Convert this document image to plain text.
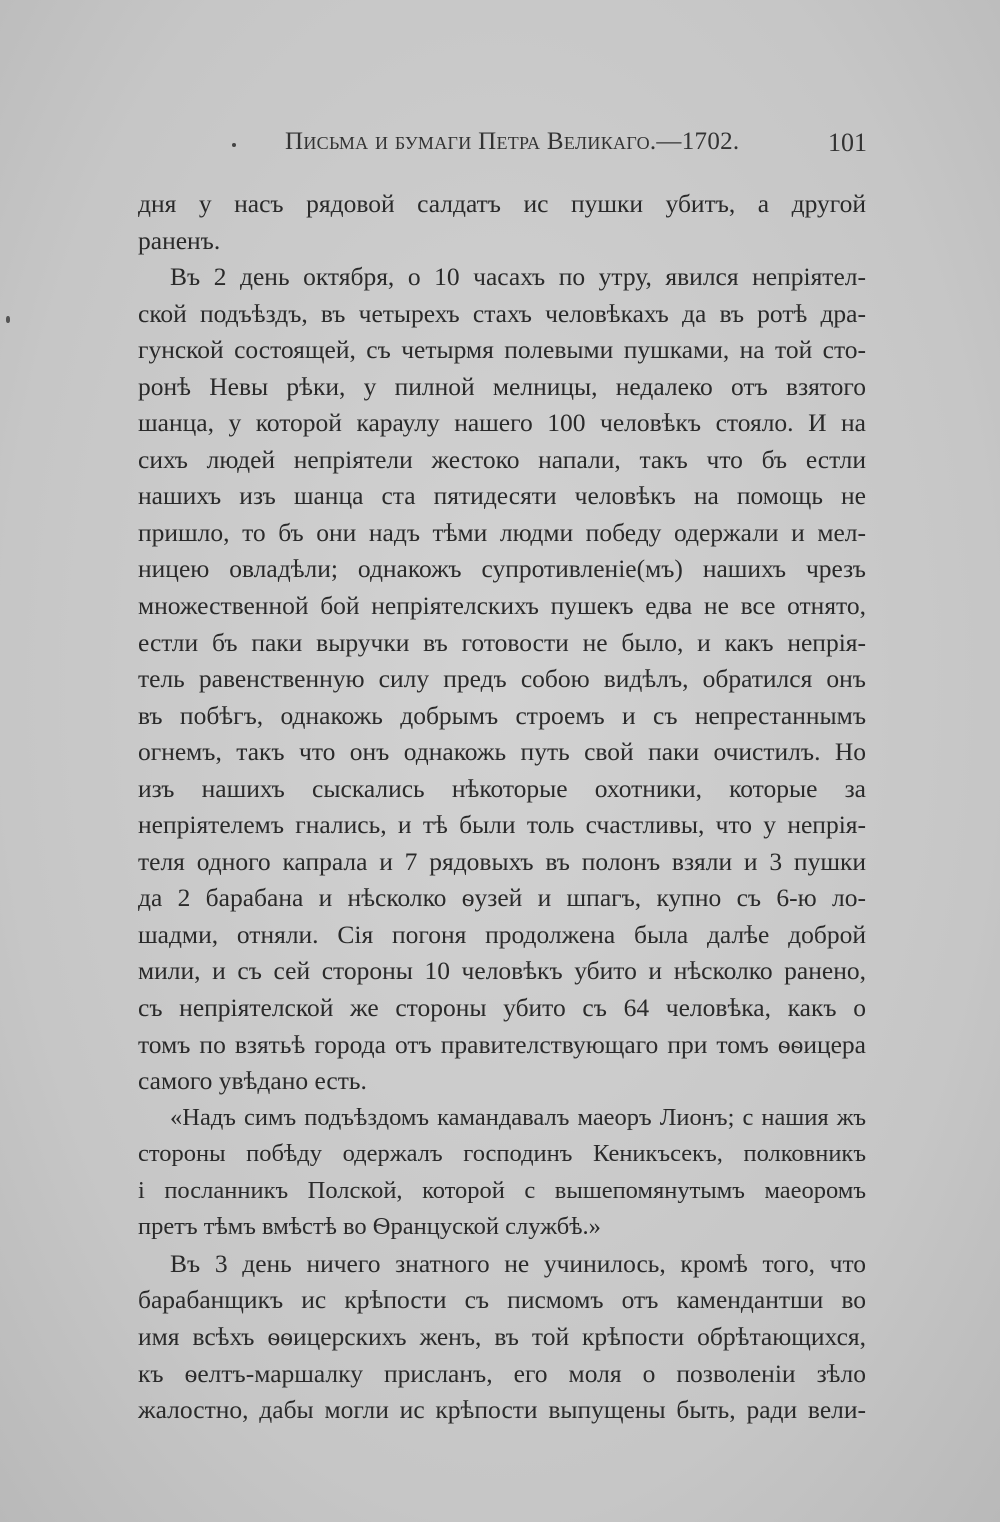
Письма и бумаги Петра Великаго.—1702.	101
дня у насъ рядовой салдатъ ис пушки убитъ, а другой
раненъ.
Въ 2 день октября, о 10 часахъ по утру, явился непріятел-
ской подъѣздъ, въ четырехъ стахъ человѣкахъ да въ ротѣ дра-
гунской состоящей, съ четырмя полевыми пушками, на той сто-
ронѣ Невы рѣки, у пилной мелницы, недалеко отъ взятого
шанца, у которой караулу нашего 100 человѣкъ стояло. И на
сихъ людей непріятели жестоко напали, такъ что бъ естли
нашихъ изъ шанца ста пятидесяти человѣкъ на помощь не
пришло, то бъ они надъ тѣми людми победу одержали и мел-
ницею овладѣли; однакожъ супротивленіе(мъ) нашихъ чрезъ
множественной бой непріятелскихъ пушекъ едва не все отнято,
естли бъ паки выручки въ готовости не было, и какъ непрія-
тель равенственную силу предъ собою видѣлъ, обратился онъ
въ побѣгъ, однакожь добрымъ строемъ и съ непрестаннымъ
огнемъ, такъ что онъ однакожь путь свой паки очистилъ. Но
изъ нашихъ сыскались нѣкоторые охотники, которые за
непріятелемъ гнались, и тѣ были толь счастливы, что у непрія-
теля одного капрала и 7 рядовыхъ въ полонъ взяли и 3 пушки
да 2 барабана и нѣсколко ѳузей и шпагъ, купно съ 6-ю ло-
шадми, отняли. Сія погоня продолжена была далѣе доброй
мили, и съ сей стороны 10 человѣкъ убито и нѣсколко ранено,
съ непріятелской же стороны убито съ 64 человѣка, какъ о
томъ по взятьѣ города отъ правителствующаго при томъ ѳѳицера
самого увѣдано есть.
«Надъ симъ подъѣздомъ камандавалъ маеоръ Лионъ; с нашия жъ
стороны побѣду одержалъ господинъ Кеникъсекъ, полковникъ
і посланникъ Полской, которой с вышепомянутымъ маеоромъ
претъ тѣмъ вмѣстѣ во Ѳранцуской службѣ.»
Въ 3 день ничего знатного не учинилось, кромѣ того, что
барабанщикъ ис крѣпости съ писмомъ отъ камендантши во
имя всѣхъ ѳѳицерскихъ женъ, въ той крѣпости обрѣтающихся,
къ ѳелтъ-маршалку присланъ, его моля о позволеніи зѣло
жалостно, дабы могли ис крѣпости выпущены быть, ради вели-
